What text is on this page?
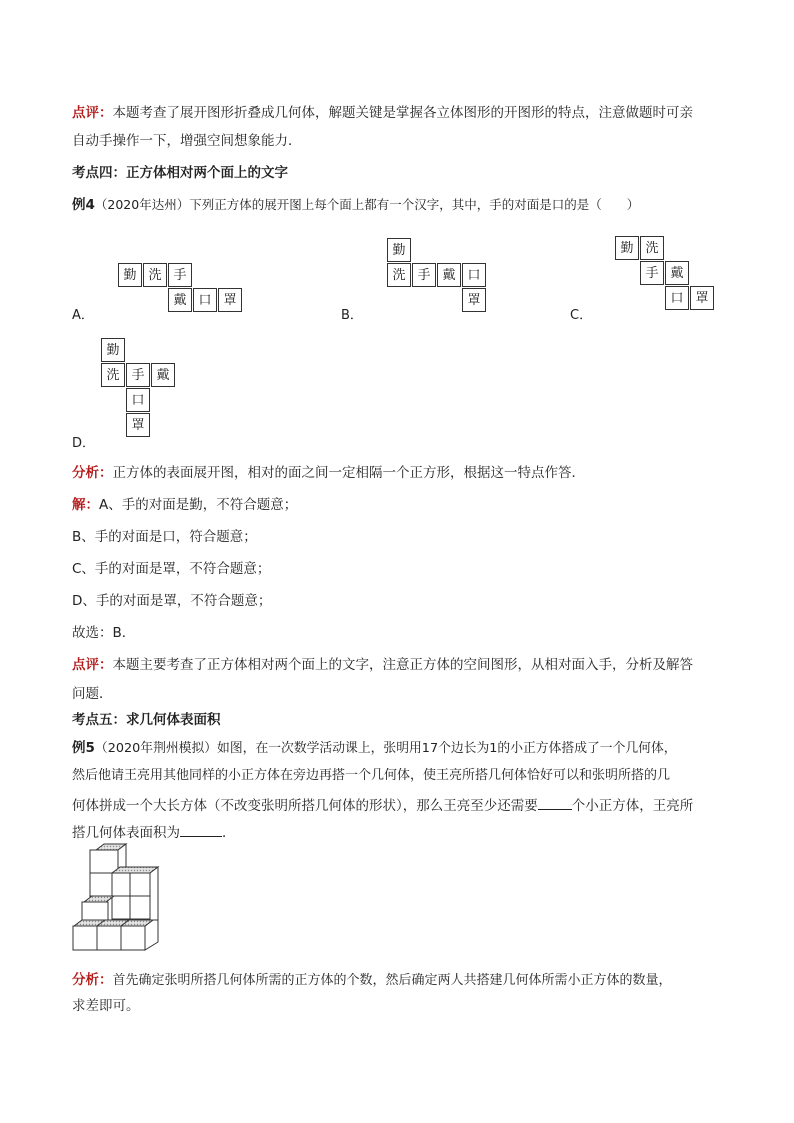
点评：本题考查了展开图形折叠成几何体，解题关键是掌握各立体图形的开图形的特点，注意做题时可亲
自动手操作一下，增强空间想象能力．
考点四：正方体相对两个面上的文字
例4（2020年达州）下列正方体的展开图上每个面上都有一个汉字，其中，手的对面是口的是（　　）
勤 洗 手
戴 口 罩
A．
勤
洗 手 戴 口
罩
B．
勤 洗
手 戴
口 罩
C．
勤
洗 手 戴
口
罩
D．
分析：正方体的表面展开图，相对的面之间一定相隔一个正方形，根据这一特点作答．
解：A、手的对面是勤，不符合题意；
B、手的对面是口，符合题意；
C、手的对面是罩，不符合题意；
D、手的对面是罩，不符合题意；
故选：B．
点评：本题主要考查了正方体相对两个面上的文字，注意正方体的空间图形，从相对面入手，分析及解答
问题．
考点五：求几何体表面积
例5（2020年荆州模拟）如图，在一次数学活动课上，张明用17个边长为1的小正方体搭成了一个几何体，
然后他请王亮用其他同样的小正方体在旁边再搭一个几何体，使王亮所搭几何体恰好可以和张明所搭的几
何体拼成一个大长方体（不改变张明所搭几何体的形状），那么王亮至少还需要	个小正方体，王亮所
搭几何体表面积为	．
分析：首先确定张明所搭几何体所需的正方体的个数，然后确定两人共搭建几何体所需小正方体的数量，
求差即可。
